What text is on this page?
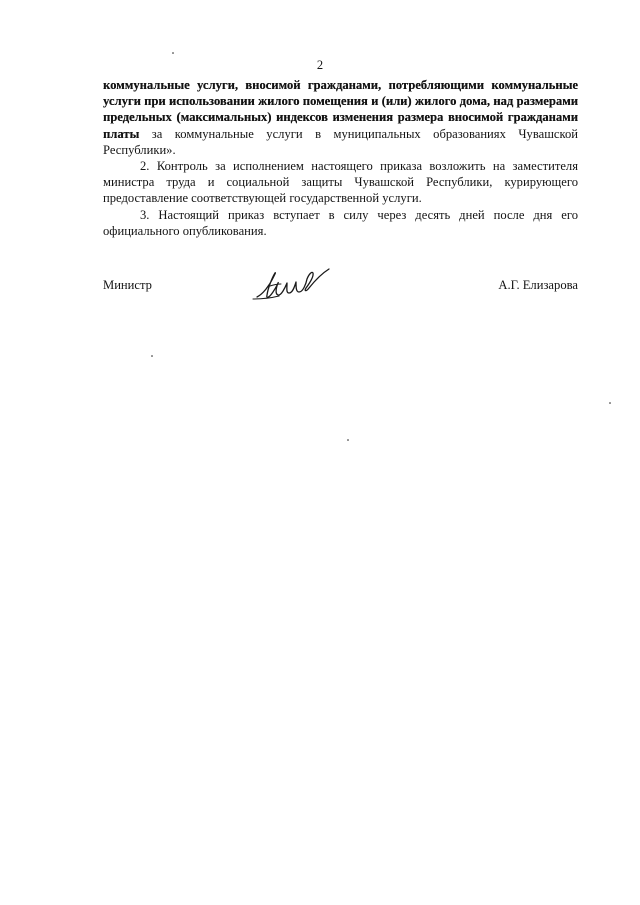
2

коммунальные услуги, вносимой гражданами, потребляющими коммунальные услуги при использовании жилого помещения и (или) жилого дома, над размерами предельных (максимальных) индексов изменения размера вносимой гражданами платы за коммунальные услуги в муниципальных образованиях Чувашской Республики».

2. Контроль за исполнением настоящего приказа возложить на заместителя министра труда и социальной защиты Чувашской Республики, курирующего предоставление соответствующей государственной услуги.

3. Настоящий приказ вступает в силу через десять дней после дня его официального опубликования.

Министр	А.Г. Елизарова
